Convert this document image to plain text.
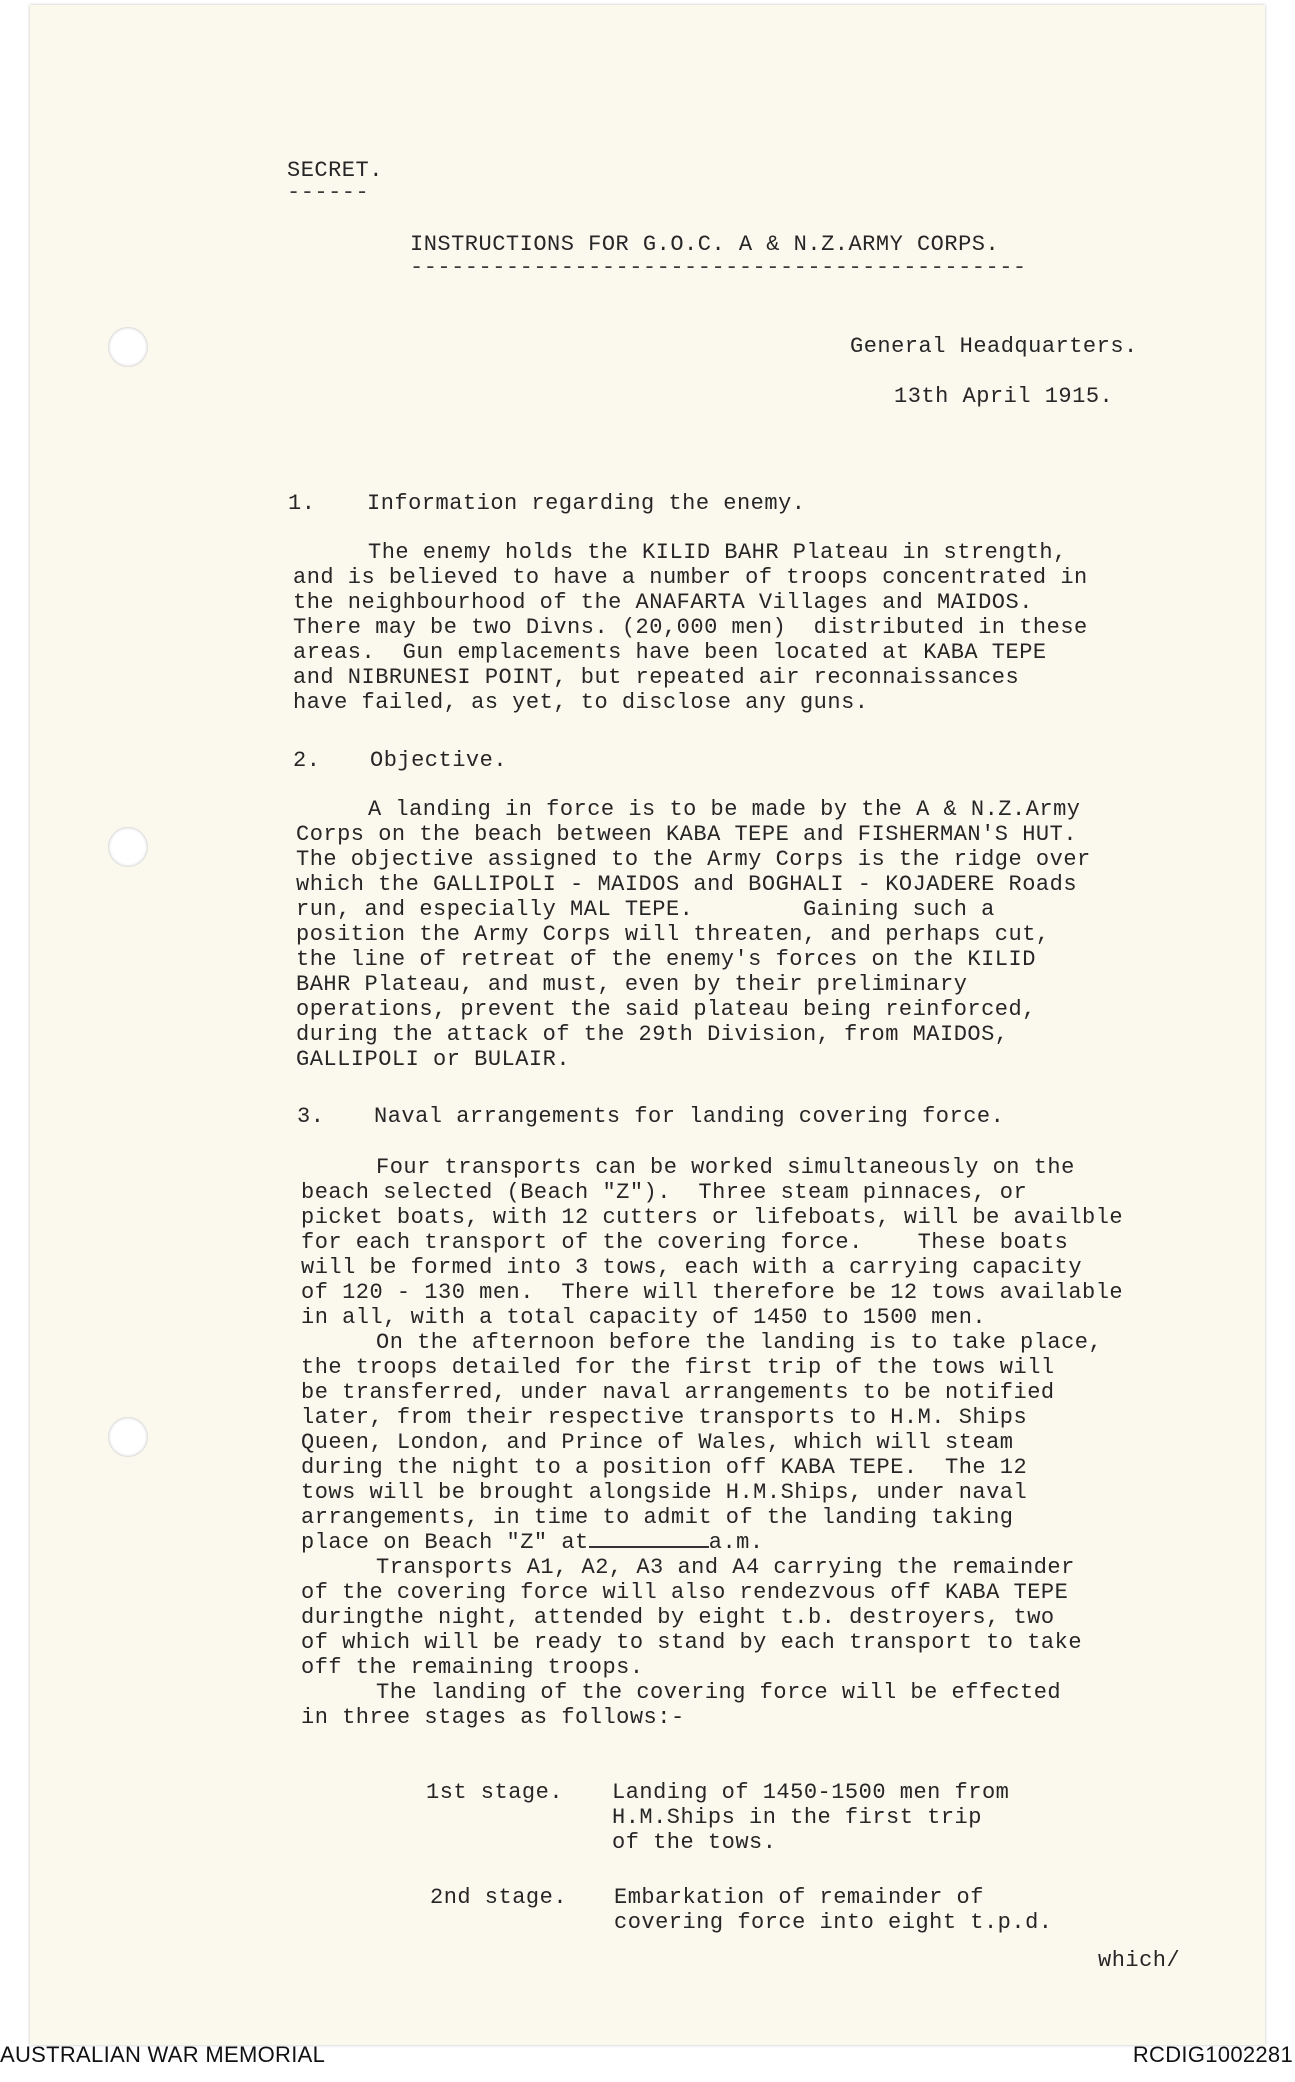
SECRET.
------
INSTRUCTIONS FOR G.O.C. A & N.Z.ARMY CORPS.
---------------------------------------------
General Headquarters.
13th April 1915.
1. Information regarding the enemy.
The enemy holds the KILID BAHR Plateau in strength,
and is believed to have a number of troops concentrated in
the neighbourhood of the ANAFARTA Villages and MAIDOS.
There may be two Divns. (20,000 men)  distributed in these
areas.  Gun emplacements have been located at KABA TEPE
and NIBRUNESI POINT, but repeated air reconnaissances
have failed, as yet, to disclose any guns.
2. Objective.
A landing in force is to be made by the A & N.Z.Army
Corps on the beach between KABA TEPE and FISHERMAN'S HUT.
The objective assigned to the Army Corps is the ridge over
which the GALLIPOLI - MAIDOS and BOGHALI - KOJADERE Roads
run, and especially MAL TEPE.        Gaining such a
position the Army Corps will threaten, and perhaps cut,
the line of retreat of the enemy's forces on the KILID
BAHR Plateau, and must, even by their preliminary
operations, prevent the said plateau being reinforced,
during the attack of the 29th Division, from MAIDOS,
GALLIPOLI or BULAIR.
3. Naval arrangements for landing covering force.
Four transports can be worked simultaneously on the
beach selected (Beach "Z").  Three steam pinnaces, or
picket boats, with 12 cutters or lifeboats, will be availble
for each transport of the covering force.    These boats
will be formed into 3 tows, each with a carrying capacity
of 120 - 130 men.  There will therefore be 12 tows available
in all, with a total capacity of 1450 to 1500 men.
On the afternoon before the landing is to take place,
the troops detailed for the first trip of the tows will
be transferred, under naval arrangements to be notified
later, from their respective transports to H.M. Ships
Queen, London, and Prince of Wales, which will steam
during the night to a position off KABA TEPE.  The 12
tows will be brought alongside H.M.Ships, under naval
arrangements, in time to admit of the landing taking
place on Beach "Z" at	a.m.
Transports A1, A2, A3 and A4 carrying the remainder
of the covering force will also rendezvous off KABA TEPE
duringthe night, attended by eight t.b. destroyers, two
of which will be ready to stand by each transport to take
off the remaining troops.
The landing of the covering force will be effected
in three stages as follows:-
1st stage. Landing of 1450-1500 men from
H.M.Ships in the first trip
of the tows.
2nd stage. Embarkation of remainder of
covering force into eight t.p.d.
which/
AUSTRALIAN WAR MEMORIAL	RCDIG1002281
